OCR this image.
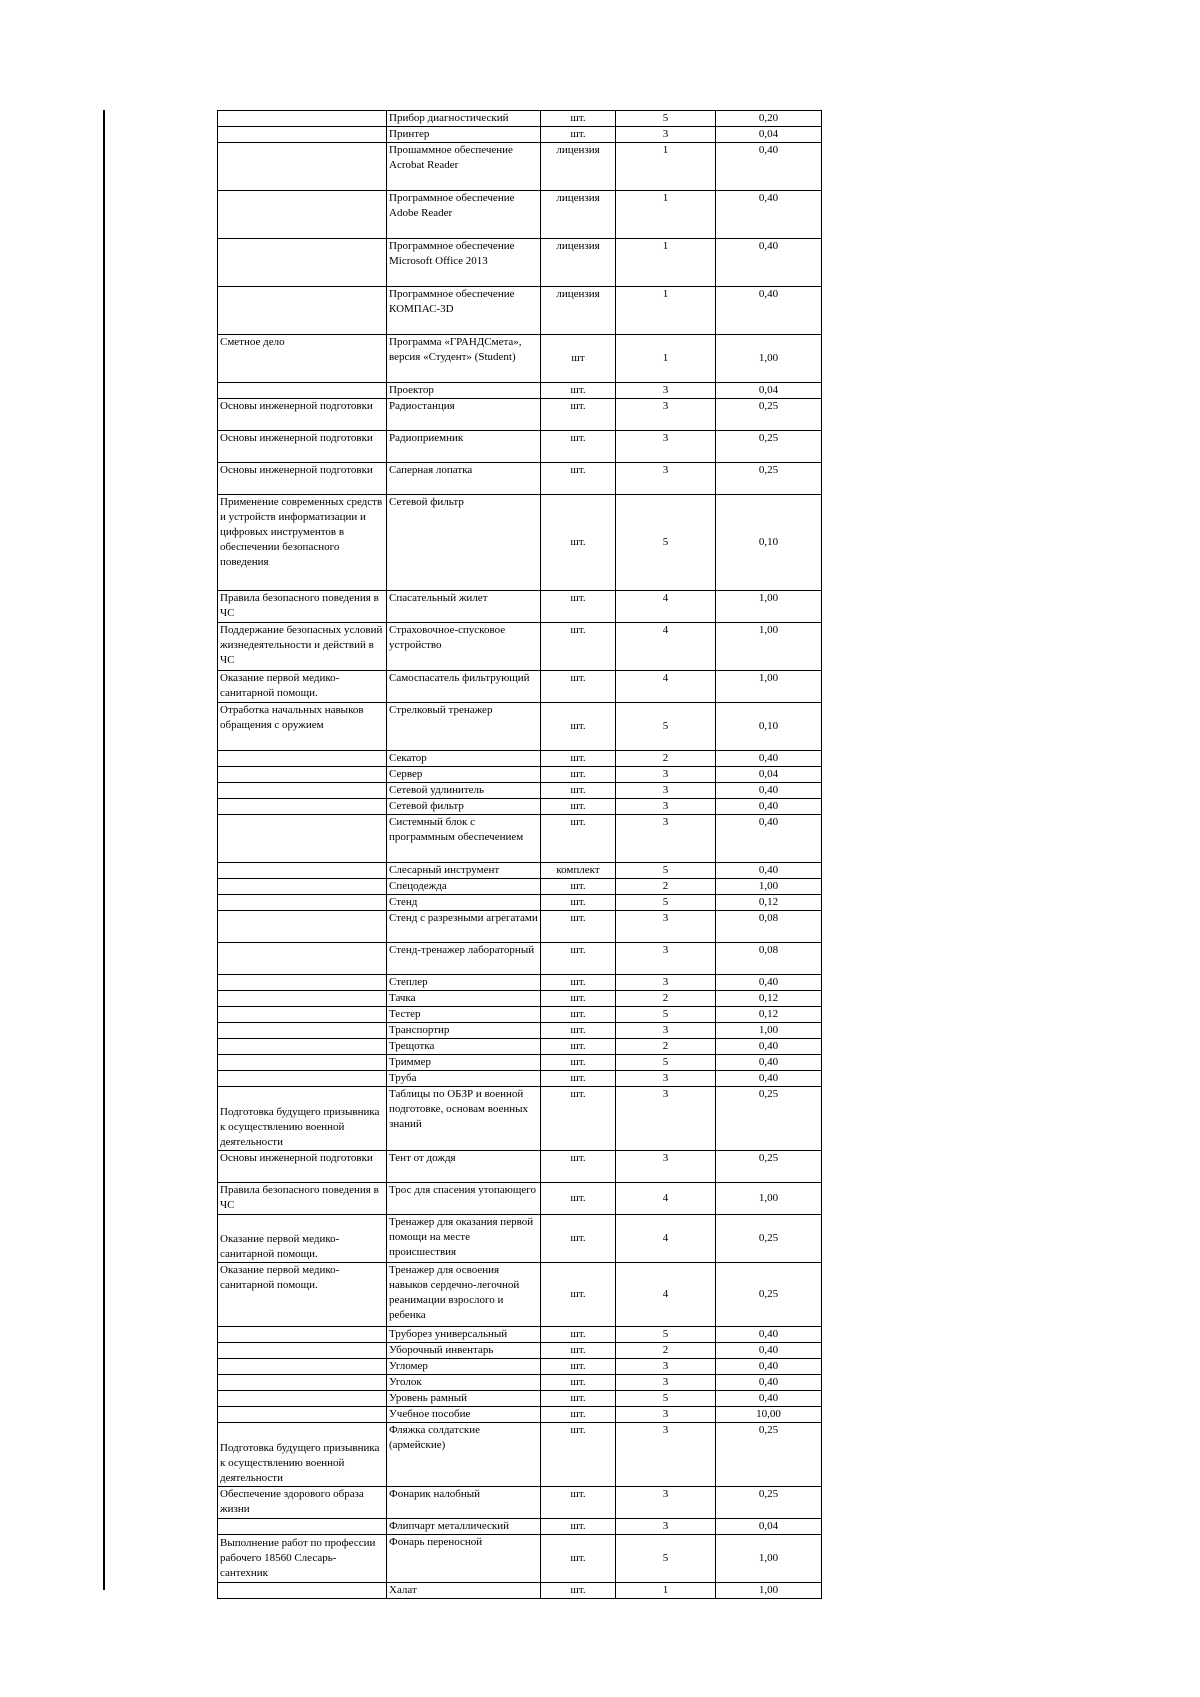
	Прибор диагностический	шт.	5	0,20
	Принтер	шт.	3	0,04
	Прошаммное обеспечение Acrobat Reader	лицензия	1	0,40
	Программное обеспечение Adobe Reader	лицензия	1	0,40
	Программное обеспечение Microsoft Office 2013	лицензия	1	0,40
	Программное обеспечение КОМПАС-3D	лицензия	1	0,40
Сметное дело	Программа «ГРАНДСмета», версия «Студент» (Student)	шт	1	1,00
	Проектор	шт.	3	0,04
Основы инженерной подготовки	Радиостанция	шт.	3	0,25
Основы инженерной подготовки	Радиоприемник	шт.	3	0,25
Основы инженерной подготовки	Саперная лопатка	шт.	3	0,25
Применение современных средств и устройств информатизации и цифровых инструментов в обеспечении безопасного поведения	Сетевой фильтр	шт.	5	0,10
Правила безопасного поведения в ЧС	Спасательный жилет	шт.	4	1,00
Поддержание безопасных условий жизнедеятельности и действий в ЧС	Страховочное-спусковое устройство	шт.	4	1,00
Оказание первой медико-санитарной помощи.	Самоспасатель фильтрующий	шт.	4	1,00
Отработка начальных навыков обращения с оружием	Стрелковый тренажер	шт.	5	0,10
	Секатор	шт.	2	0,40
	Сервер	шт.	3	0,04
	Сетевой удлинитель	шт.	3	0,40
	Сетевой фильтр	шт.	3	0,40
	Системный блок с программным обеспечением	шт.	3	0,40
	Слесарный инструмент	комплект	5	0,40
	Спецодежда	шт.	2	1,00
	Стенд	шт.	5	0,12
	Стенд с разрезными агрегатами	шт.	3	0,08
	Стенд-тренажер лабораторный	шт.	3	0,08
	Степлер	шт.	3	0,40
	Тачка	шт.	2	0,12
	Тестер	шт.	5	0,12
	Транспортир	шт.	3	1,00
	Трещотка	шт.	2	0,40
	Триммер	шт.	5	0,40
	Труба	шт.	3	0,40
Подготовка будущего призывника к осуществлению военной деятельности	Таблицы по ОБЗР и военной подготовке, основам военных знаний	шт.	3	0,25
Основы инженерной подготовки	Тент от дождя	шт.	3	0,25
Правила безопасного поведения в ЧС	Трос для спасения утопающего	шт.	4	1,00
Оказание первой медико-санитарной помощи.	Тренажер для оказания первой помощи на месте происшествия	шт.	4	0,25
Оказание первой медико-санитарной помощи.	Тренажер для освоения навыков сердечно-легочной реанимации взрослого и ребенка	шт.	4	0,25
	Труборез универсальный	шт.	5	0,40
	Уборочный инвентарь	шт.	2	0,40
	Угломер	шт.	3	0,40
	Уголок	шт.	3	0,40
	Уровень рамный	шт.	5	0,40
	Учебное пособие	шт.	3	10,00
Подготовка будущего призывника к осуществлению военной деятельности	Фляжка солдатские (армейские)	шт.	3	0,25
Обеспечение здорового образа жизни	Фонарик налобный	шт.	3	0,25
	Флипчарт металлический	шт.	3	0,04
Выполнение работ по профессии рабочего 18560 Слесарь-сантехник	Фонарь переносной	шт.	5	1,00
	Халат	шт.	1	1,00
